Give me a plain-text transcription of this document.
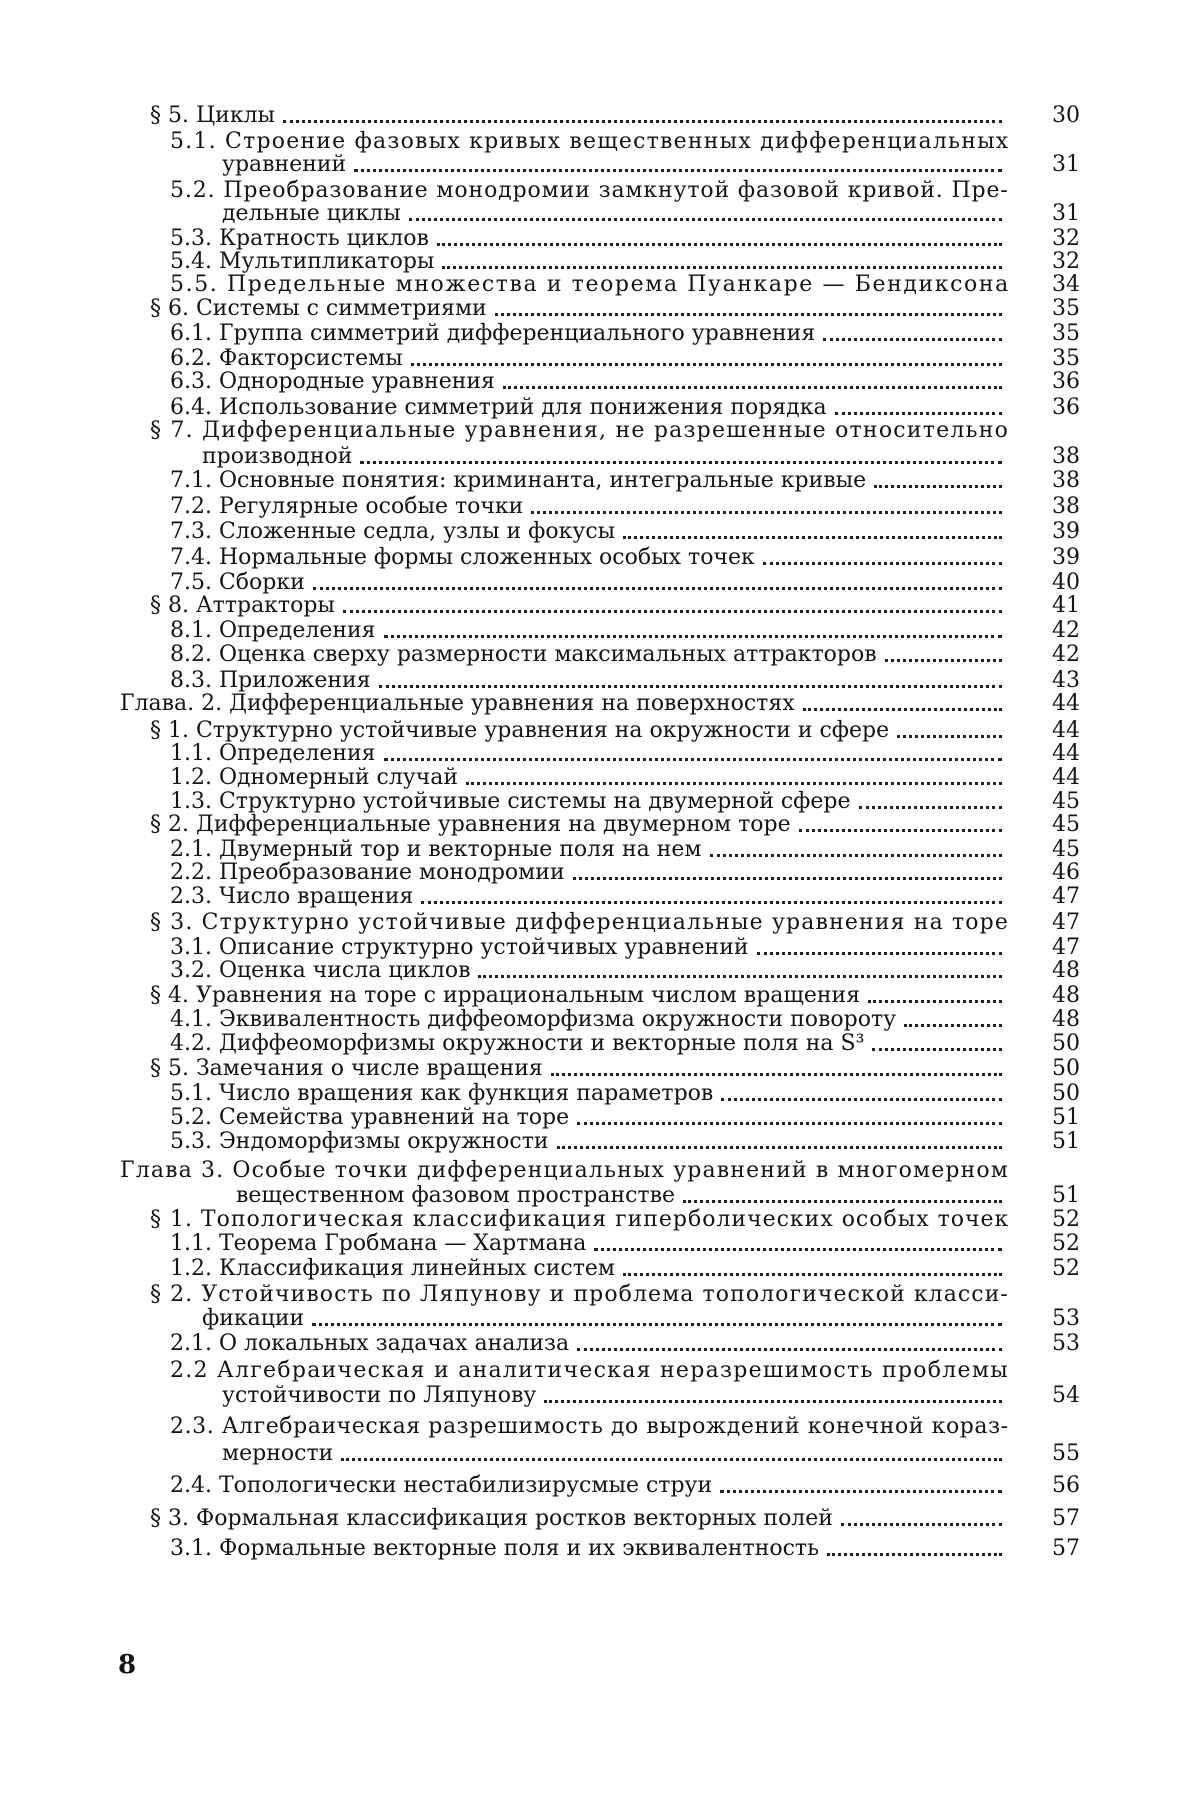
§ 5. Циклы	30
5.1. Строение фазовых кривых вещественных дифференциальных
уравнений	31
5.2. Преобразование монодромии замкнутой фазовой кривой. Пре-
дельные циклы	31
5.3. Кратность циклов	32
5.4. Мультипликаторы	32
5.5. Предельные множества и теорема Пуанкаре — Бендиксона	34
§ 6. Системы с симметриями	35
6.1. Группа симметрий дифференциального уравнения	35
6.2. Факторсистемы	35
6.3. Однородные уравнения	36
6.4. Использование симметрий для понижения порядка	36
§ 7. Дифференциальные уравнения, не разрешенные относительно
производной	38
7.1. Основные понятия: криминанта, интегральные кривые	38
7.2. Регулярные особые точки	38
7.3. Сложенные седла, узлы и фокусы	39
7.4. Нормальные формы сложенных особых точек	39
7.5. Сборки	40
§ 8. Аттракторы	41
8.1. Определения	42
8.2. Оценка сверху размерности максимальных аттракторов	42
8.3. Приложения	43
Глава. 2. Дифференциальные уравнения на поверхностях	44
§ 1. Структурно устойчивые уравнения на окружности и сфере	44
1.1. Определения	44
1.2. Одномерный случай	44
1.3. Структурно устойчивые системы на двумерной сфере	45
§ 2. Дифференциальные уравнения на двумерном торе	45
2.1. Двумерный тор и векторные поля на нем	45
2.2. Преобразование монодромии	46
2.3. Число вращения	47
§ 3. Структурно устойчивые дифференциальные уравнения на торе	47
3.1. Описание структурно устойчивых уравнений	47
3.2. Оценка числа циклов	48
§ 4. Уравнения на торе с иррациональным числом вращения	48
4.1. Эквивалентность диффеоморфизма окружности повороту	48
4.2. Диффеоморфизмы окружности и векторные поля на S³	50
§ 5. Замечания о числе вращения	50
5.1. Число вращения как функция параметров	50
5.2. Семейства уравнений на торе	51
5.3. Эндоморфизмы окружности	51
Глава 3. Особые точки дифференциальных уравнений в многомерном
вещественном фазовом пространстве	51
§ 1. Топологическая классификация гиперболических особых точек	52
1.1. Теорема Гробмана — Хартмана	52
1.2. Классификация линейных систем	52
§ 2. Устойчивость по Ляпунову и проблема топологической класси-
фикации	53
2.1. О локальных задачах анализа	53
2.2 Алгебраическая и аналитическая неразрешимость проблемы
устойчивости по Ляпунову	54
2.3. Алгебраическая разрешимость до вырождений конечной кораз-
мерности	55
2.4. Топологически нестабилизирусмые струи	56
§ 3. Формальная классификация ростков векторных полей	57
3.1. Формальные векторные поля и их эквивалентность	57
8
